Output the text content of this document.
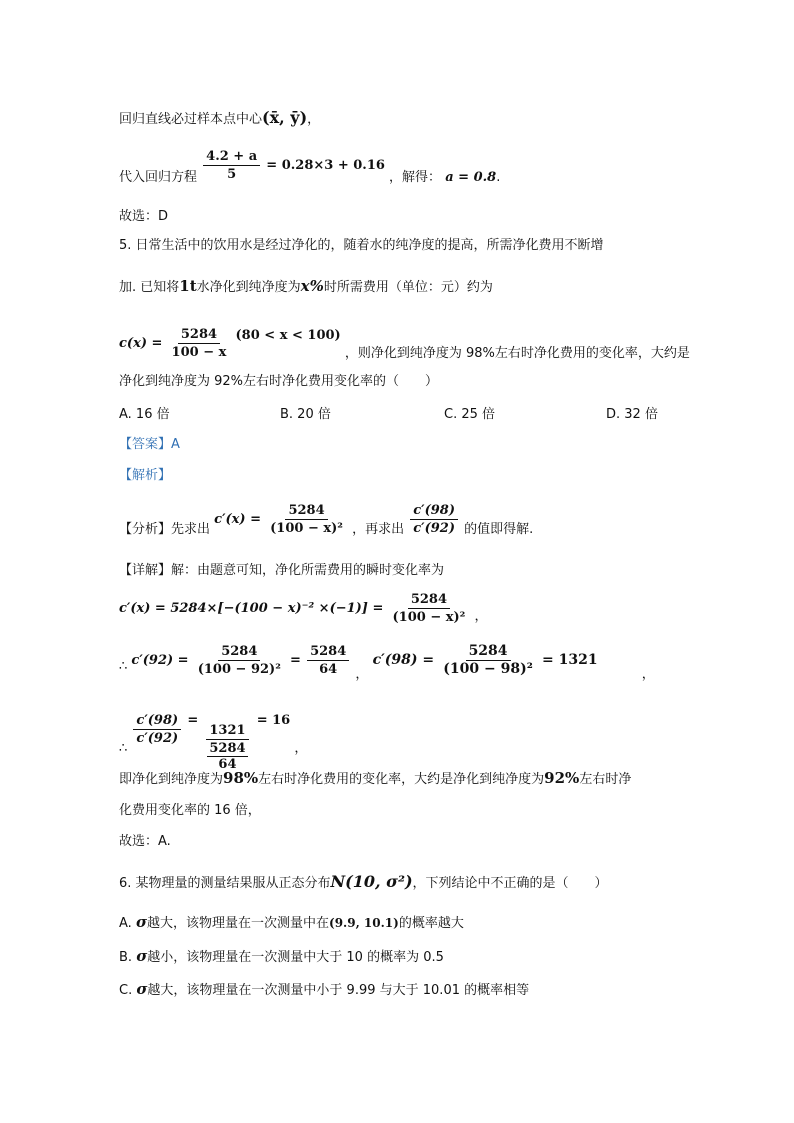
回归直线必过样本点中心(x̄, ȳ)，
代入回归方程 $\frac{4.2 + a}{5} = 0.28\times 3 + 0.16$ ，解得： a = 0.8.
故选：D
5. 日常生活中的饮用水是经过净化的，随着水的纯净度的提高，所需净化费用不断增
加. 已知将1t水净化到纯净度为x%时所需费用（单位：元）约为
$c(x) = \frac{5284}{100 - x} (80 < x < 100)$ ，则净化到纯净度为 98%左右时净化费用的变化率，大约是
净化到纯净度为 92%左右时净化费用变化率的（　　）
A. 16 倍	B. 20 倍	C. 25 倍	D. 32 倍
【答案】A
【解析】
【分析】先求出 $c'(x) = \frac{5284}{\text{(100 − x)²}}$ ，再求出 $\frac{c'(98)}{c'(92)}$ 的值即得解.
【详解】解：由题意可知，净化所需费用的瞬时变化率为
$c'(x) = 5284\times[-(100 - x)^{-2} \times(-1)] = \frac{5284}{\text{(100 − x)²}}$ ，
∴ $c'(92) = \frac{5284}{\text{(100 − 92)²}} = \frac{5284}{64}$ ， $c'(98) = \frac{5284}{\text{(100 − 98)²}} = 1321$ ，
∴
$\frac{c'(98)}{c'(92)}$ =
$\frac{1321}{\frac{5284}{64}}$
= 16 ，
即净化到纯净度为98%左右时净化费用的变化率，大约是净化到纯净度为92%左右时净
化费用变化率的 16 倍，
故选：A.
6. 某物理量的测量结果服从正态分布N(10, σ²)，下列结论中不正确的是（　　）
A. σ越大，该物理量在一次测量中在(9.9, 10.1)的概率越大
B. σ越小，该物理量在一次测量中大于 10 的概率为 0.5
C. σ越大，该物理量在一次测量中小于 9.99 与大于 10.01 的概率相等
